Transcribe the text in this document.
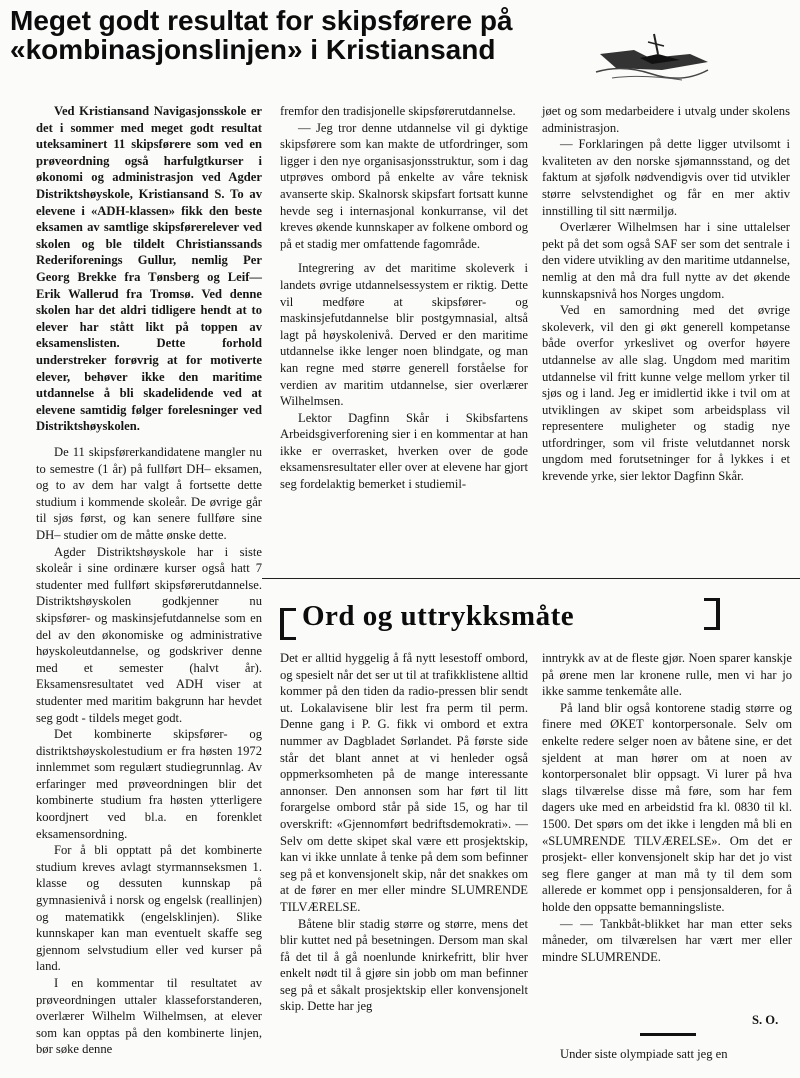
Meget godt resultat for skipsførere på «kombinasjonslinjen» i Kristiansand

Ved Kristiansand Navigasjonsskole er det i sommer med meget godt resultat uteksaminert 11 skipsførere som ved en prøveordning også harfulgtkurser i økonomi og administrasjon ved Agder Distriktshøyskole, Kristiansand S. To av elevene i «ADH-klassen» fikk den beste eksamen av samtlige skipsførerelever ved skolen og ble tildelt Christianssands Rederiforenings Gullur, nemlig Per Georg Brekke fra Tønsberg og Leif—Erik Wallerud fra Tromsø. Ved denne skolen har det aldri tidligere hendt at to elever har stått likt på toppen av eksamenslisten. Dette forhold understreker forøvrig at for motiverte elever, behøver ikke den maritime utdannelse å bli skadelidende ved at elevene samtidig følger forelesninger ved Distriktshøyskolen.

De 11 skipsførerkandidatene mangler nu to semestre (1 år) på fullført DH– eksamen, og to av dem har valgt å fortsette dette studium i kommende skoleår. De øvrige går til sjøs først, og kan senere fullføre sine DH– studier om de måtte ønske dette.

Agder Distriktshøyskole har i siste skoleår i sine ordinære kurser også hatt 7 studenter med fullført skipsførerutdannelse. Distriktshøyskolen godkjenner nu skipsfører- og maskinsjefutdannelse som en del av den økonomiske og administrative høyskoleutdannelse, og godskriver denne med et semester (halvt år). Eksamensresultatet ved ADH viser at studenter med maritim bakgrunn har hevdet seg godt - tildels meget godt.

Det kombinerte skipsfører- og distriktshøyskolestudium er fra høsten 1972 innlemmet som regulært studiegrunnlag. Av erfaringer med prøveordningen blir det kombinerte studium fra høsten ytterligere koordjnert ved bl.a. en forenklet eksamensordning.

For å bli opptatt på det kombinerte studium kreves avlagt styrmannseksmen 1. klasse og dessuten kunnskap på gymnasienivå i norsk og engelsk (reallinjen) og matematikk (engelsklinjen). Slike kunnskaper kan man eventuelt skaffe seg gjennom selvstudium eller ved kurser på land.

I en kommentar til resultatet av prøveordningen uttaler klasseforstanderen, overlærer Wilhelm Wilhelmsen, at elever som kan opptas på den kombinerte linjen, bør søke denne

fremfor den tradisjonelle skipsførerutdannelse.

— Jeg tror denne utdannelse vil gi dyktige skipsførere som kan makte de utfordringer, som ligger i den nye organisasjonsstruktur, som i dag utprøves ombord på enkelte av våre teknisk avanserte skip. Skalnorsk skipsfart fortsatt kunne hevde seg i internasjonal konkurranse, vil det kreves økende kunnskaper av folkene ombord og på et stadig mer omfattende fagområde.

Integrering av det maritime skoleverk i landets øvrige utdannelsessystem er riktig. Dette vil medføre at skipsfører- og maskinsjefutdannelse blir postgymnasial, altså lagt på høyskolenivå. Derved er den maritime utdannelse ikke lenger noen blindgate, og man kan regne med større generell forståelse for verdien av maritim utdannelse, sier overlærer Wilhelmsen.

Lektor Dagfinn Skår i Skibsfartens Arbeidsgiverforening sier i en kommentar at han ikke er overrasket, hverken over de gode eksamensresultater eller over at elevene har gjort seg fordelaktig bemerket i studiemil-

jøet og som medarbeidere i utvalg under skolens administrasjon.

— Forklaringen på dette ligger utvilsomt i kvaliteten av den norske sjømannsstand, og det faktum at sjøfolk nødvendigvis over tid utvikler større selvstendighet og får en mer aktiv innstilling til sitt nærmiljø.

Overlærer Wilhelmsen har i sine uttalelser pekt på det som også SAF ser som det sentrale i den videre utvikling av den maritime utdannelse, nemlig at den må dra full nytte av det økende kunnskapsnivå hos Norges ungdom.

Ved en samordning med det øvrige skoleverk, vil den gi økt generell kompetanse både overfor yrkeslivet og overfor høyere utdannelse av alle slag. Ungdom med maritim utdannelse vil fritt kunne velge mellom yrker til sjøs og i land. Jeg er imidlertid ikke i tvil om at utviklingen av skipet som arbeidsplass vil representere muligheter og stadig nye utfordringer, som vil friste velutdannet norsk ungdom med forutsetninger for å lykkes i et krevende yrke, sier lektor Dagfinn Skår.

Ord og uttrykksmåte

Det er alltid hyggelig å få nytt lesestoff ombord, og spesielt når det ser ut til at trafikklistene alltid kommer på den tiden da radio-pressen blir sendt ut. Lokalavisene blir lest fra perm til perm. Denne gang i P. G. fikk vi ombord et extra nummer av Dagbladet Sørlandet. På første side står det blant annet at vi henleder også oppmerksomheten på de mange interessante annonser. Den annonsen som har ført til litt forargelse ombord står på side 15, og har til overskrift: «Gjennomført bedriftsdemokrati». — Selv om dette skipet skal være ett prosjektskip, kan vi ikke unnlate å tenke på dem som befinner seg på et konvensjonelt skip, når det snakkes om at de fører en mer eller mindre SLUMRENDE TILVÆRELSE.

Båtene blir stadig større og større, mens det blir kuttet ned på besetningen. Dersom man skal få det til å gå noenlunde knirkefritt, blir hver enkelt nødt til å gjøre sin jobb om man befinner seg på et såkalt prosjektskip eller konvensjonelt skip. Dette har jeg

inntrykk av at de fleste gjør. Noen sparer kanskje på ørene men lar kronene rulle, men vi har jo ikke samme tenkemåte alle.

På land blir også kontorene stadig større og finere med ØKET kontorpersonale. Selv om enkelte redere selger noen av båtene sine, er det sjeldent at man hører om at noen av kontorpersonalet blir oppsagt. Vi lurer på hva slags tilværelse disse må føre, som har fem dagers uke med en arbeidstid fra kl. 0830 til kl. 1500. Det spørs om det ikke i lengden må bli en «SLUMRENDE TILVÆRELSE». Om det er prosjekt- eller konvensjonelt skip har det jo vist seg flere ganger at man må ty til dem som allerede er kommet opp i pensjonsalderen, for å holde den oppsatte bemanningsliste.

— — Tankbåt-blikket har man etter seks måneder, om tilværelsen har vært mer eller mindre SLUMRENDE.

S. O.
Under siste olympiade satt jeg en
